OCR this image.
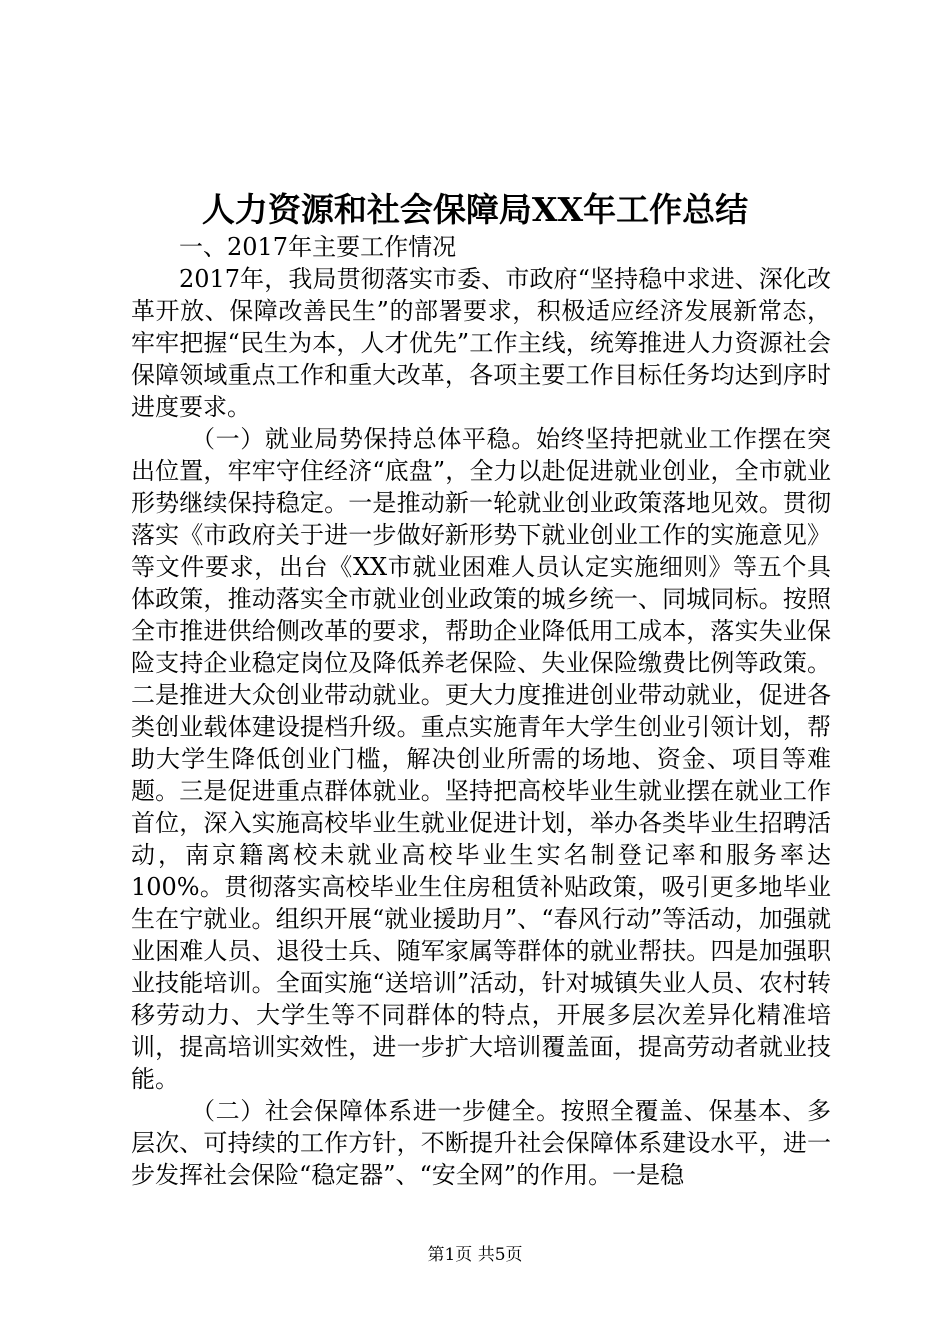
人力资源和社会保障局XX年工作总结

一、2017年主要工作情况

2017年，我局贯彻落实市委、市政府“坚持稳中求进、深化改革开放、保障改善民生”的部署要求，积极适应经济发展新常态，牢牢把握“民生为本，人才优先”工作主线，统筹推进人力资源社会保障领域重点工作和重大改革，各项主要工作目标任务均达到序时进度要求。

（一）就业局势保持总体平稳。始终坚持把就业工作摆在突出位置，牢牢守住经济“底盘”，全力以赴促进就业创业，全市就业形势继续保持稳定。一是推动新一轮就业创业政策落地见效。贯彻落实《市政府关于进一步做好新形势下就业创业工作的实施意见》等文件要求，出台《XX市就业困难人员认定实施细则》等五个具体政策，推动落实全市就业创业政策的城乡统一、同城同标。按照全市推进供给侧改革的要求，帮助企业降低用工成本，落实失业保险支持企业稳定岗位及降低养老保险、失业保险缴费比例等政策。二是推进大众创业带动就业。更大力度推进创业带动就业，促进各类创业载体建设提档升级。重点实施青年大学生创业引领计划，帮助大学生降低创业门槛，解决创业所需的场地、资金、项目等难题。三是促进重点群体就业。坚持把高校毕业生就业摆在就业工作首位，深入实施高校毕业生就业促进计划，举办各类毕业生招聘活动，南京籍离校未就业高校毕业生实名制登记率和服务率达100%。贯彻落实高校毕业生住房租赁补贴政策，吸引更多地毕业生在宁就业。组织开展“就业援助月”、“春风行动”等活动，加强就业困难人员、退役士兵、随军家属等群体的就业帮扶。四是加强职业技能培训。全面实施“送培训”活动，针对城镇失业人员、农村转移劳动力、大学生等不同群体的特点，开展多层次差异化精准培训，提高培训实效性，进一步扩大培训覆盖面，提高劳动者就业技能。

（二）社会保障体系进一步健全。按照全覆盖、保基本、多层次、可持续的工作方针，不断提升社会保障体系建设水平，进一步发挥社会保险“稳定器”、“安全网”的作用。一是稳

第1页 共5页
